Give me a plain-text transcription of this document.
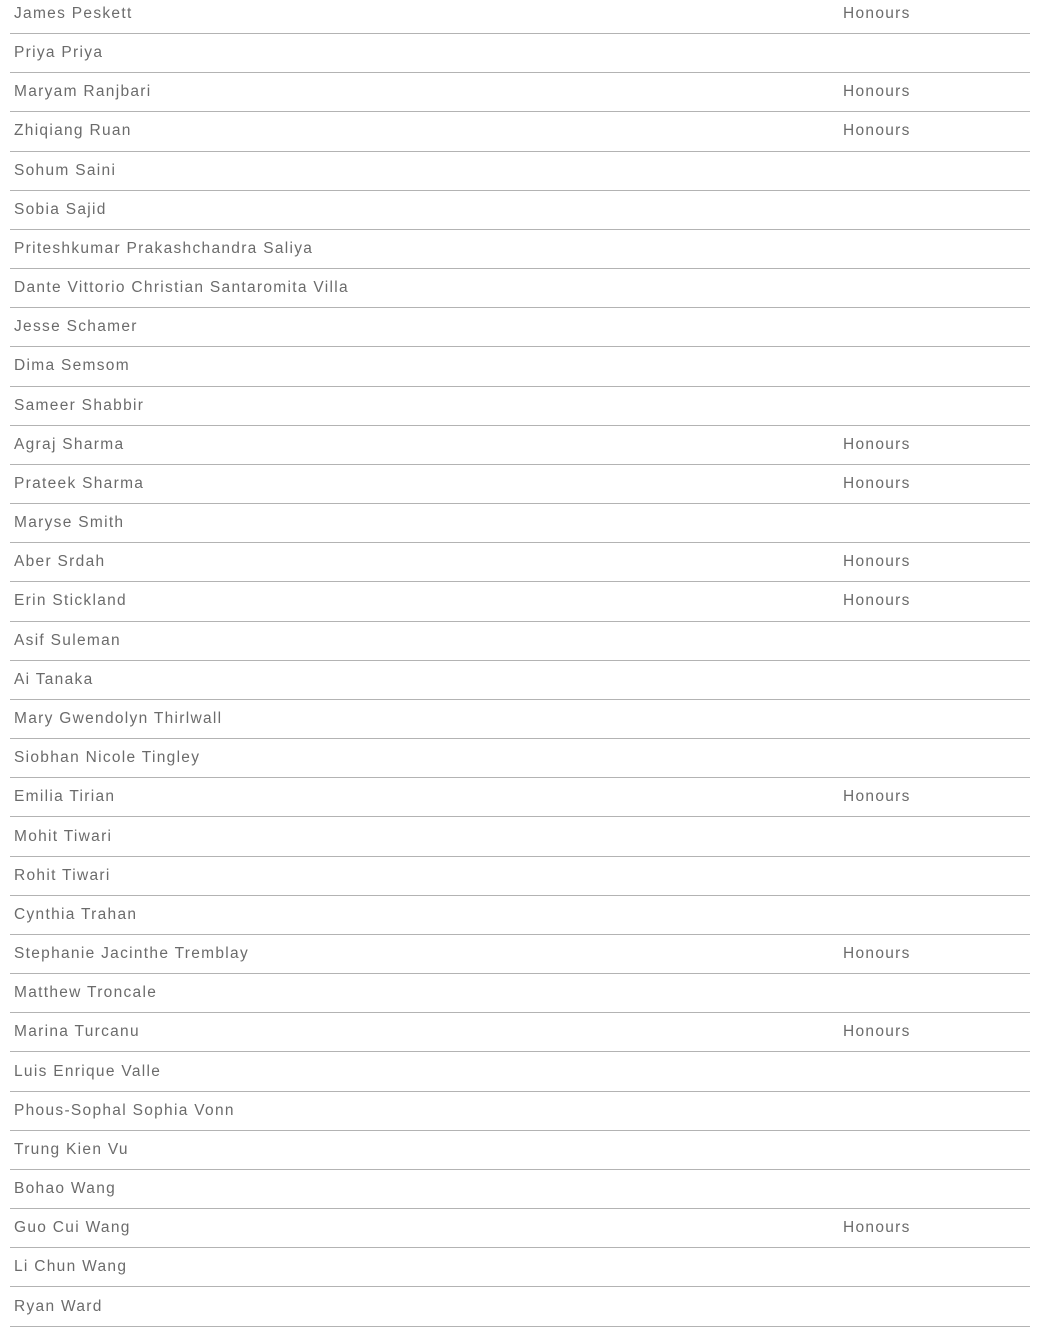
James Peskett	Honours
Priya Priya
Maryam Ranjbari	Honours
Zhiqiang Ruan	Honours
Sohum Saini
Sobia Sajid
Priteshkumar Prakashchandra Saliya
Dante Vittorio Christian Santaromita Villa
Jesse Schamer
Dima Semsom
Sameer Shabbir
Agraj Sharma	Honours
Prateek Sharma	Honours
Maryse Smith
Aber Srdah	Honours
Erin Stickland	Honours
Asif Suleman
Ai Tanaka
Mary Gwendolyn Thirlwall
Siobhan Nicole Tingley
Emilia Tirian	Honours
Mohit Tiwari
Rohit Tiwari
Cynthia Trahan
Stephanie Jacinthe Tremblay	Honours
Matthew Troncale
Marina Turcanu	Honours
Luis Enrique Valle
Phous-Sophal Sophia Vonn
Trung Kien Vu
Bohao Wang
Guo Cui Wang	Honours
Li Chun Wang
Ryan Ward
